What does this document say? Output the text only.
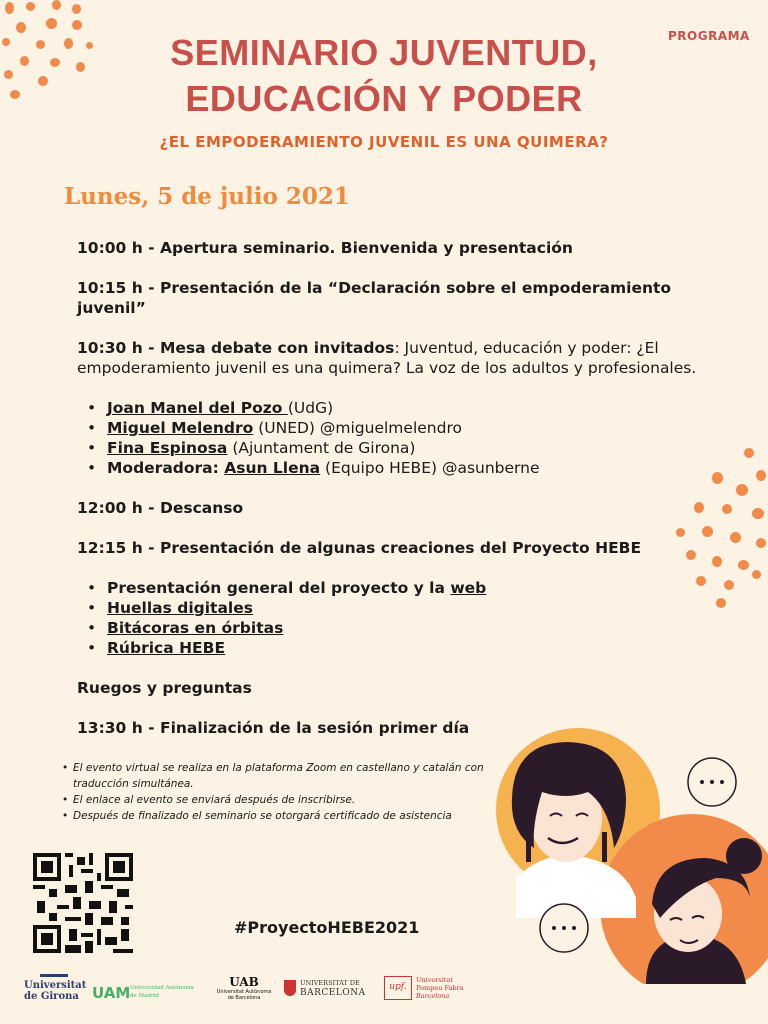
PROGRAMA
SEMINARIO JUVENTUD,
EDUCACIÓN Y PODER
¿EL EMPODERAMIENTO JUVENIL ES UNA QUIMERA?
Lunes, 5 de julio 2021

10:00 h - Apertura seminario. Bienvenida y presentación

10:15 h - Presentación de la “Declaración sobre el empoderamiento juvenil”

10:30 h - Mesa debate con invitados: Juventud, educación y poder: ¿El empoderamiento juvenil es una quimera? La voz de los adultos y profesionales.

• Joan Manel del Pozo (UdG)
• Miguel Melendro (UNED) @miguelmelendro
• Fina Espinosa (Ajuntament de Girona)
• Moderadora: Asun Llena (Equipo HEBE) @asunberne

12:00 h - Descanso

12:15 h - Presentación de algunas creaciones del Proyecto HEBE

• Presentación general del proyecto y la web
• Huellas digitales
• Bitácoras en órbitas
• Rúbrica HEBE

Ruegos y preguntas

13:30 h - Finalización de la sesión primer día

• El evento virtual se realiza en la plataforma Zoom en castellano y catalán con traducción simultánea.
• El enlace al evento se enviará después de inscribirse.
• Después de finalizado el seminario se otorgará certificado de asistencia
#ProyectoHEBE2021
Universitat
de Girona UAM Universidad Autónoma
de Madrid
UAB
Universitat Autònoma
de Barcelona
UNIVERSITAT DE
BARCELONA
upf.
Universitat
Pompeu Fabra
Barcelona
